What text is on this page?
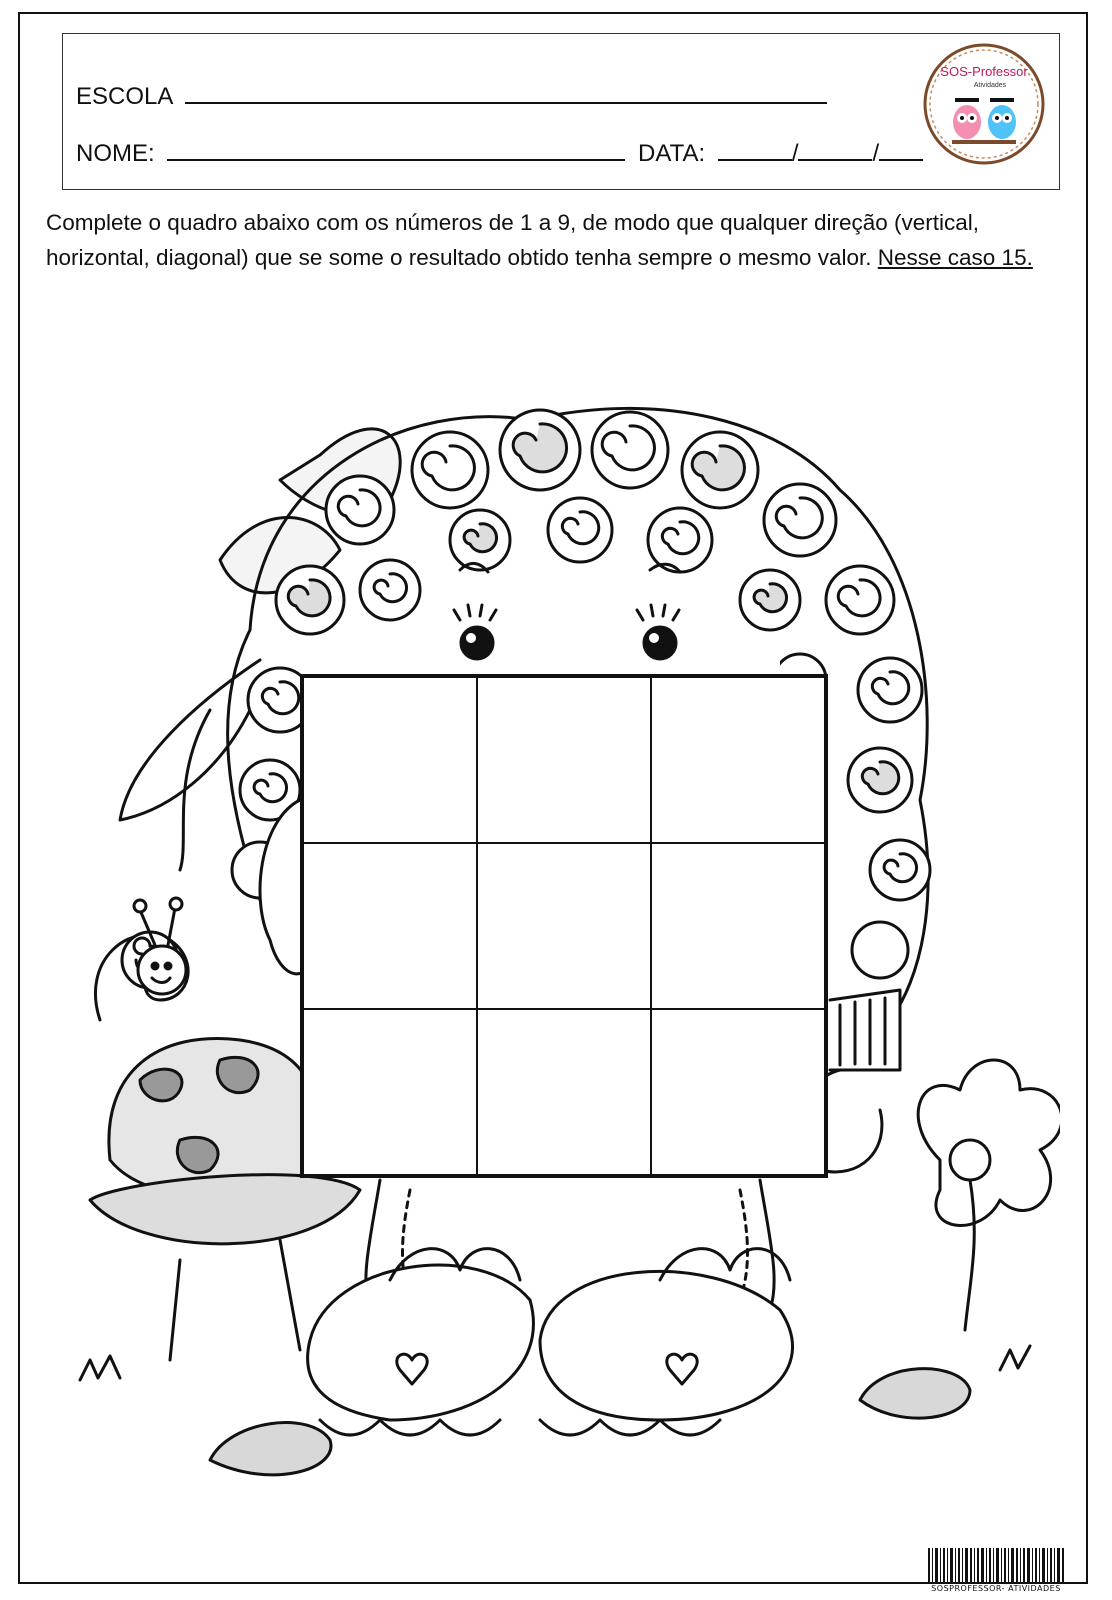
ESCOLA
NOME:	DATA:	/	/
SOS-Professor
Atividades
Complete o quadro abaixo com os números de 1 a 9, de modo que qualquer direção (vertical, horizontal, diagonal) que se some o resultado obtido tenha sempre o mesmo valor. Nesse caso 15.
SOSPROFESSOR- ATIVIDADES
